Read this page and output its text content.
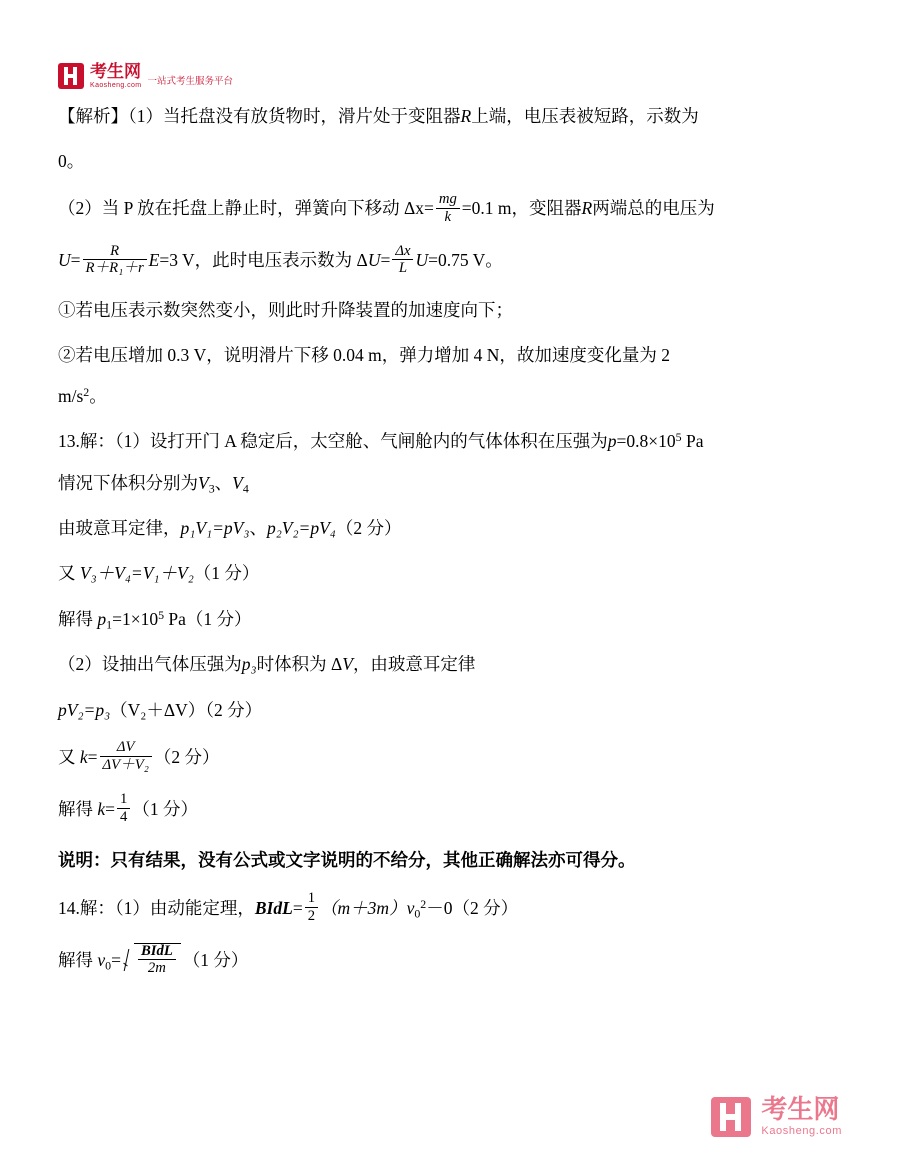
考生网
Kaosheng.com 一站式考生服务平台

【解析】（1）当托盘没有放货物时，滑片处于变阻器R上端，电压表被短路，示数为

0。

（2）当 P 放在托盘上静止时，弹簧向下移动 $\Delta x= \frac{mg}{k} =0.1$ m，变阻器R两端总的电压为

$U= \frac{R}{\text{R＋R₁＋r}} E=3$ V，此时电压表示数为 $\Delta U= \frac{\Delta x}{L} U=0.75$ V。

①若电压表示数突然变小，则此时升降装置的加速度向下；

②若电压增加 0.3 V，说明滑片下移 0.04 m，弹力增加 4 N，故加速度变化量为 2

$m/s^2$。

13.解：（1）设打开门 A 稳定后，太空舱、气闸舱内的气体体积在压强为$p=0.8\times 10^5$ Pa

情况下体积分别为$V_3$、$V_4$

由玻意耳定律，p₁V₁=pV₃、p₂V₂=pV₄（2 分）

又 V₃＋V₄=V₁＋V₂（1 分）

解得 $p_1=1\times 10^5$ Pa（1 分）

（2）设抽出气体压强为p₃时体积为 ΔV，由玻意耳定律

pV₂=p₃（V₂＋ΔV）（2 分）

又 $k= \frac{\Delta V}{\text{ΔV＋V₂}} (2$ 分）

解得 $k= \frac{1}{4} (1$ 分）

说明：只有结果，没有公式或文字说明的不给分，其他正确解法亦可得分。

14.解：（1）由动能定理，BIdL= $\frac{1}{2} (m+3m)v_0^2-0(2$ 分）

解得 $v_0= \frac{\text{BIdL}}{2m} (1$ 分）

考生网
Kaosheng.com
